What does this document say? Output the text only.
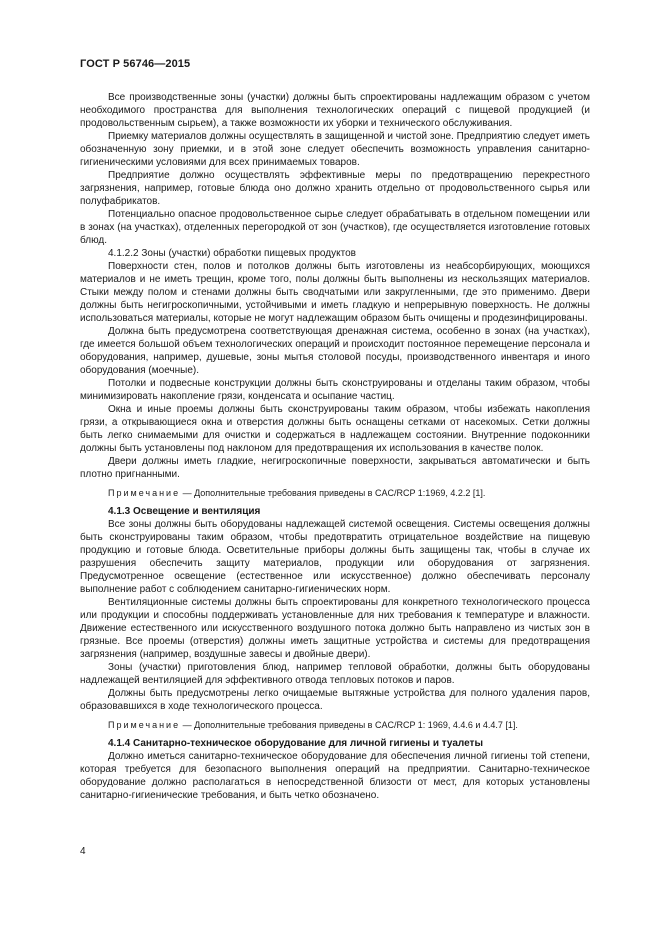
ГОСТ Р 56746—2015

Все производственные зоны (участки) должны быть спроектированы надлежащим образом с учетом необходимого пространства для выполнения технологических операций с пищевой продукцией (и продовольственным сырьем), а также возможности их уборки и технического обслуживания.

Приемку материалов должны осуществлять в защищенной и чистой зоне. Предприятию следует иметь обозначенную зону приемки, и в этой зоне следует обеспечить возможность управления санитарно-гигиеническими условиями для всех принимаемых товаров.

Предприятие должно осуществлять эффективные меры по предотвращению перекрестного загрязнения, например, готовые блюда оно должно хранить отдельно от продовольственного сырья или полуфабрикатов.

Потенциально опасное продовольственное сырье следует обрабатывать в отдельном помещении или в зонах (на участках), отделенных перегородкой от зон (участков), где осуществляется изготовление готовых блюд.

4.1.2.2 Зоны (участки) обработки пищевых продуктов

Поверхности стен, полов и потолков должны быть изготовлены из неабсорбирующих, моющихся материалов и не иметь трещин, кроме того, полы должны быть выполнены из нескользящих материалов. Стыки между полом и стенами должны быть сводчатыми или закругленными, где это применимо. Двери должны быть негигроскопичными, устойчивыми и иметь гладкую и непрерывную поверхность. Не должны использоваться материалы, которые не могут надлежащим образом быть очищены и продезинфицированы.

Должна быть предусмотрена соответствующая дренажная система, особенно в зонах (на участках), где имеется большой объем технологических операций и происходит постоянное перемещение персонала и оборудования, например, душевые, зоны мытья столовой посуды, производственного инвентаря и иного оборудования (моечные).

Потолки и подвесные конструкции должны быть сконструированы и отделаны таким образом, чтобы минимизировать накопление грязи, конденсата и осыпание частиц.

Окна и иные проемы должны быть сконструированы таким образом, чтобы избежать накопления грязи, а открывающиеся окна и отверстия должны быть оснащены сетками от насекомых. Сетки должны быть легко снимаемыми для очистки и содержаться в надлежащем состоянии. Внутренние подоконники должны быть установлены под наклоном для предотвращения их использования в качестве полок.

Двери должны иметь гладкие, негигроскопичные поверхности, закрываться автоматически и быть плотно пригнанными.

Примечание — Дополнительные требования приведены в CAC/RCP 1:1969, 4.2.2 [1].

4.1.3 Освещение и вентиляция

Все зоны должны быть оборудованы надлежащей системой освещения. Системы освещения должны быть сконструированы таким образом, чтобы предотвратить отрицательное воздействие на пищевую продукцию и готовые блюда. Осветительные приборы должны быть защищены так, чтобы в случае их разрушения обеспечить защиту материалов, продукции или оборудования от загрязнения. Предусмотренное освещение (естественное или искусственное) должно обеспечивать персоналу выполнение работ с соблюдением санитарно-гигиенических норм.

Вентиляционные системы должны быть спроектированы для конкретного технологического процесса или продукции и способны поддерживать установленные для них требования к температуре и влажности. Движение естественного или искусственного воздушного потока должно быть направлено из чистых зон в грязные. Все проемы (отверстия) должны иметь защитные устройства и системы для предотвращения загрязнения (например, воздушные завесы и двойные двери).

Зоны (участки) приготовления блюд, например тепловой обработки, должны быть оборудованы надлежащей вентиляцией для эффективного отвода тепловых потоков и паров.

Должны быть предусмотрены легко очищаемые вытяжные устройства для полного удаления паров, образовавшихся в ходе технологического процесса.

Примечание — Дополнительные требования приведены в CAC/RCP 1: 1969, 4.4.6 и 4.4.7 [1].

4.1.4 Санитарно-техническое оборудование для личной гигиены и туалеты

Должно иметься санитарно-техническое оборудование для обеспечения личной гигиены той степени, которая требуется для безопасного выполнения операций на предприятии. Санитарно-техническое оборудование должно располагаться в непосредственной близости от мест, для которых установлены санитарно-гигиенические требования, и быть четко обозначено.

4
